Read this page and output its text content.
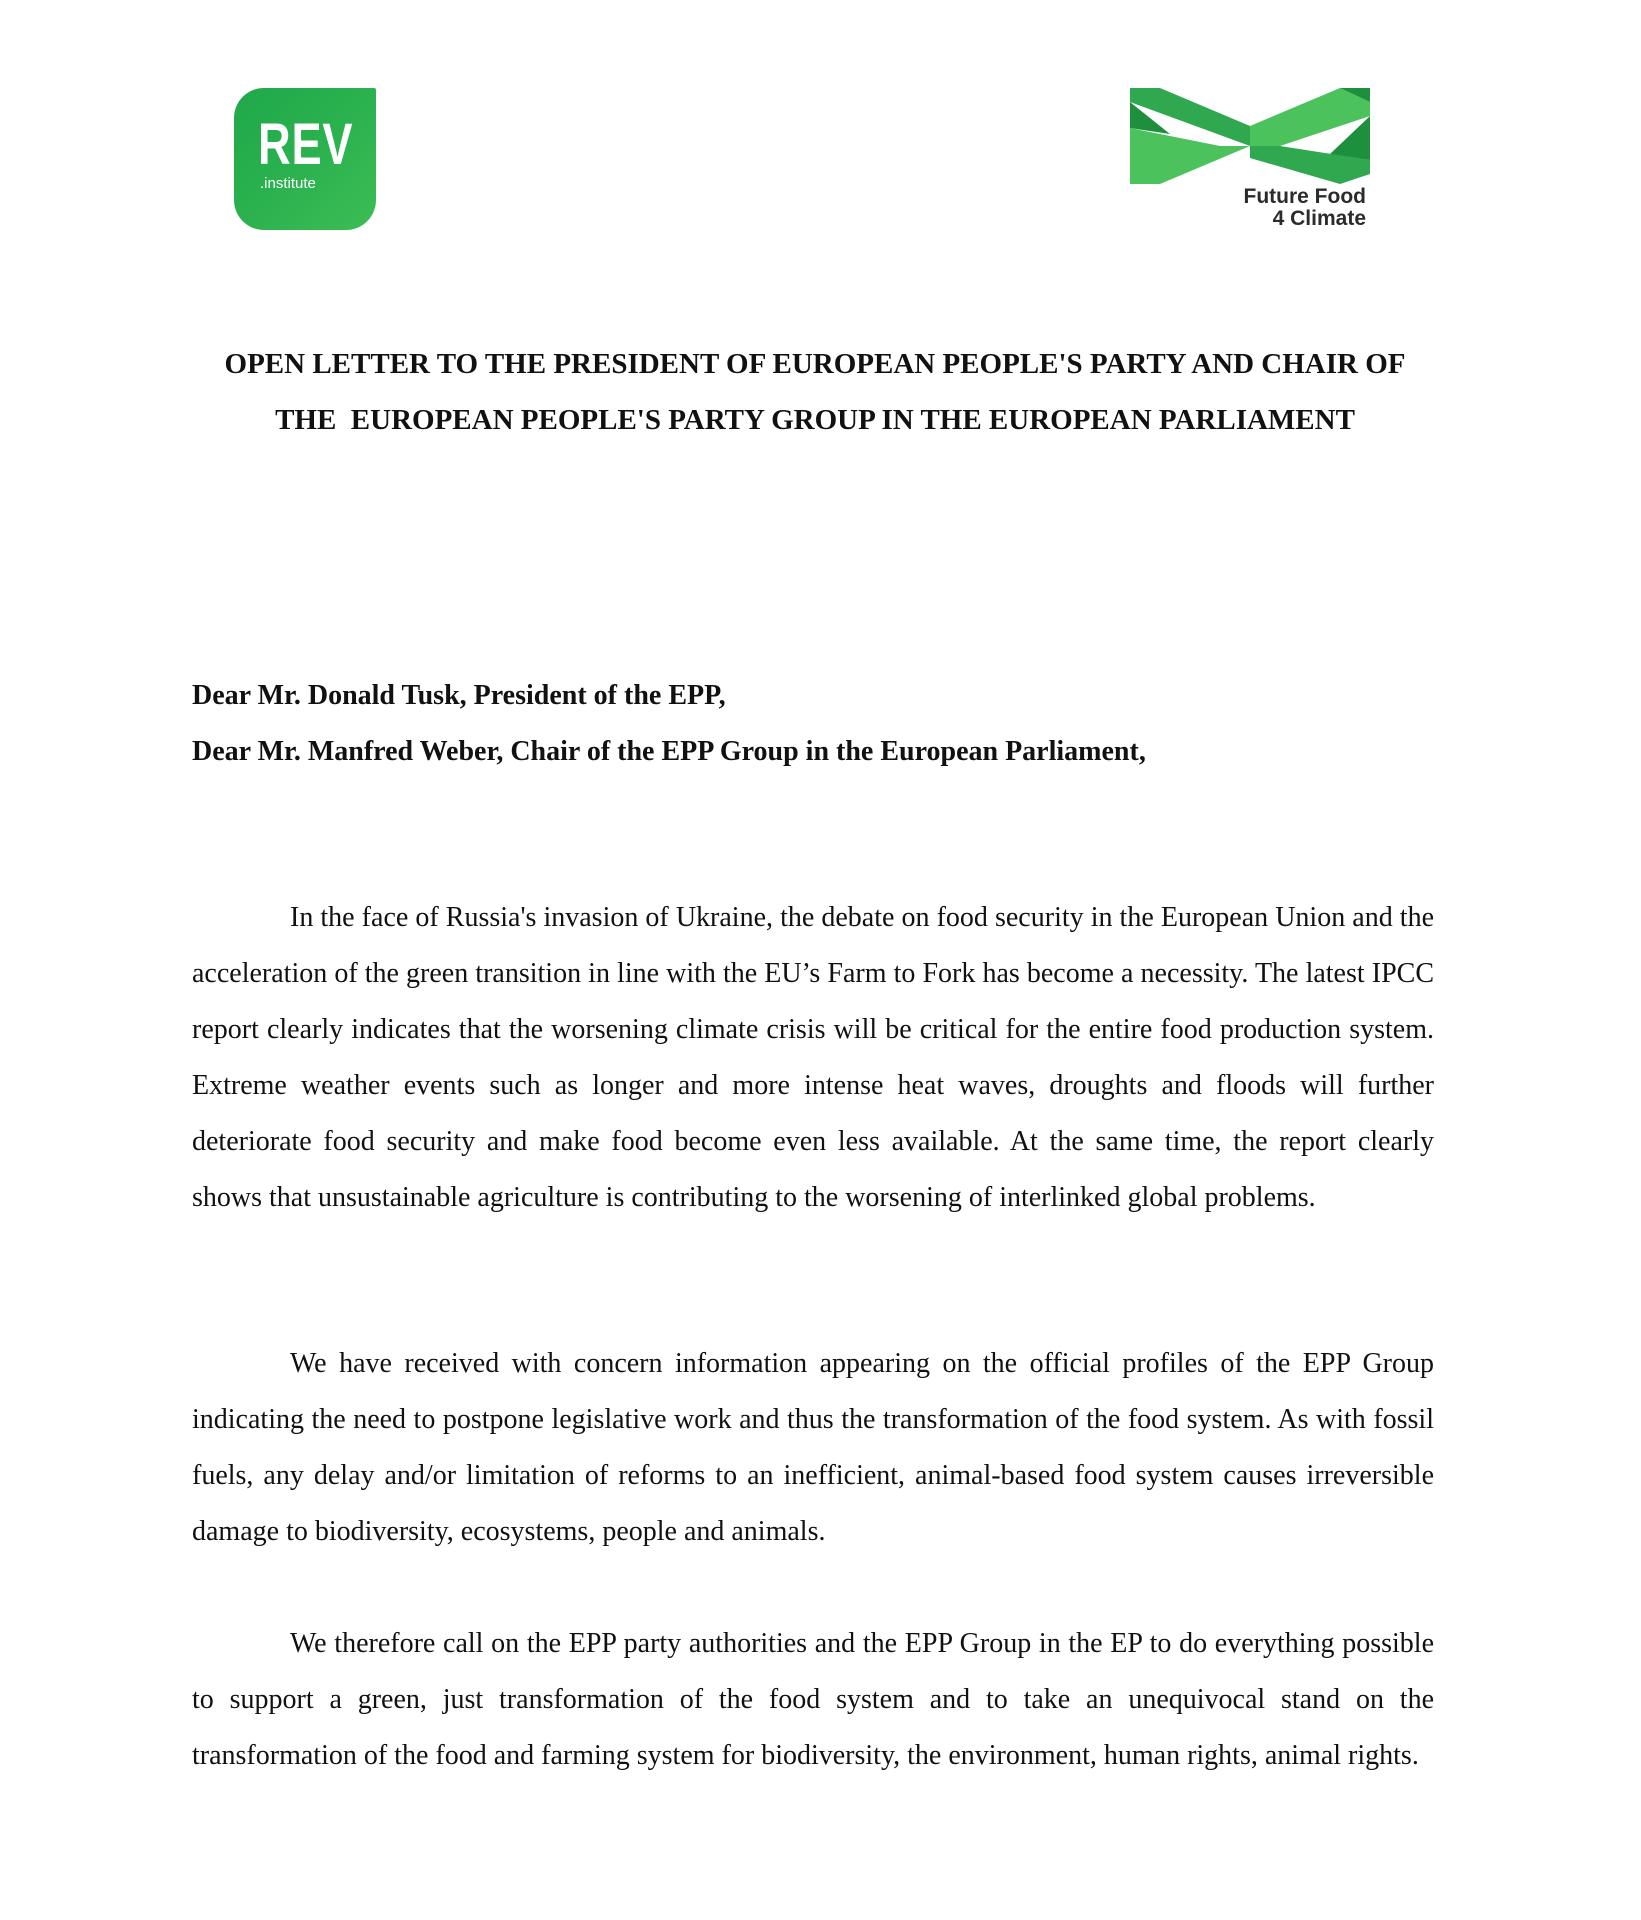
REV
.institute
Future Food
4 Climate
OPEN LETTER TO THE PRESIDENT OF EUROPEAN PEOPLE'S PARTY AND CHAIR OF THE  EUROPEAN PEOPLE'S PARTY GROUP IN THE EUROPEAN PARLIAMENT
Dear Mr. Donald Tusk, President of the EPP,
Dear Mr. Manfred Weber, Chair of the EPP Group in the European Parliament,

In the face of Russia's invasion of Ukraine, the debate on food security in the European Union and the acceleration of the green transition in line with the EU’s Farm to Fork has become a necessity. The latest IPCC report clearly indicates that the worsening climate crisis will be critical for the entire food production system. Extreme weather events such as longer and more intense heat waves, droughts and floods will further deteriorate food security and make food become even less available. At the same time, the report clearly shows that unsustainable agriculture is contributing to the worsening of interlinked global problems.

We have received with concern information appearing on the official profiles of the EPP Group indicating the need to postpone legislative work and thus the transformation of the food system. As with fossil fuels, any delay and/or limitation of reforms to an inefficient, animal-based food system causes irreversible damage to biodiversity, ecosystems, people and animals.

We therefore call on the EPP party authorities and the EPP Group in the EP to do everything possible to support a green, just transformation of the food system and to take an unequivocal stand on the transformation of the food and farming system for biodiversity, the environment, human rights, animal rights.
